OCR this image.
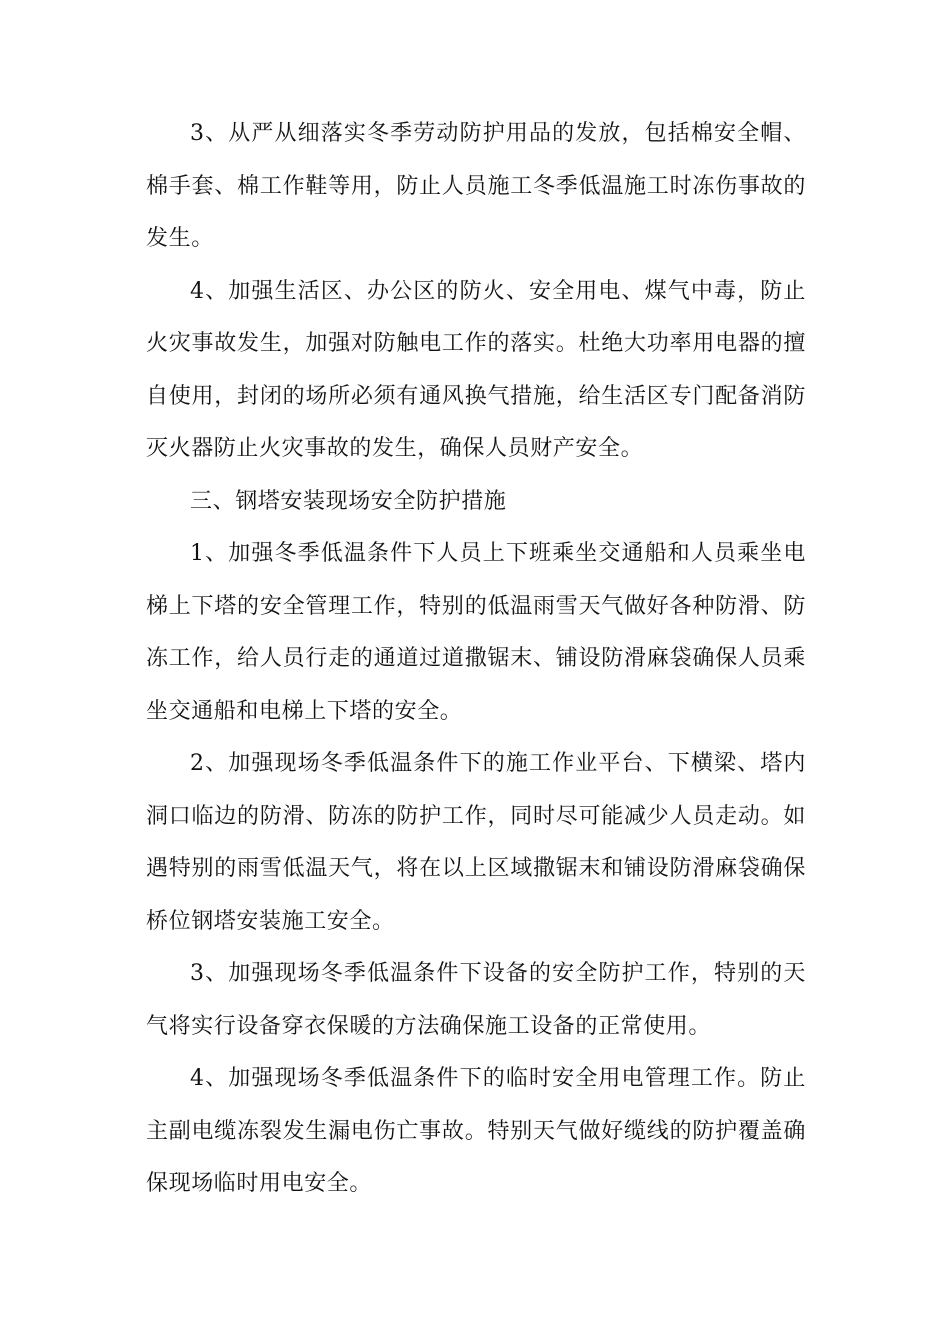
3、从严从细落实冬季劳动防护用品的发放，包括棉安全帽、棉手套、棉工作鞋等用，防止人员施工冬季低温施工时冻伤事故的发生。

4、加强生活区、办公区的防火、安全用电、煤气中毒，防止火灾事故发生，加强对防触电工作的落实。杜绝大功率用电器的擅自使用，封闭的场所必须有通风换气措施，给生活区专门配备消防灭火器防止火灾事故的发生，确保人员财产安全。

三、钢塔安装现场安全防护措施

1、加强冬季低温条件下人员上下班乘坐交通船和人员乘坐电梯上下塔的安全管理工作，特别的低温雨雪天气做好各种防滑、防冻工作，给人员行走的通道过道撒锯末、铺设防滑麻袋确保人员乘坐交通船和电梯上下塔的安全。

2、加强现场冬季低温条件下的施工作业平台、下横梁、塔内洞口临边的防滑、防冻的防护工作，同时尽可能减少人员走动。如遇特别的雨雪低温天气，将在以上区域撒锯末和铺设防滑麻袋确保桥位钢塔安装施工安全。

3、加强现场冬季低温条件下设备的安全防护工作，特别的天气将实行设备穿衣保暖的方法确保施工设备的正常使用。

4、加强现场冬季低温条件下的临时安全用电管理工作。防止主副电缆冻裂发生漏电伤亡事故。特别天气做好缆线的防护覆盖确保现场临时用电安全。
